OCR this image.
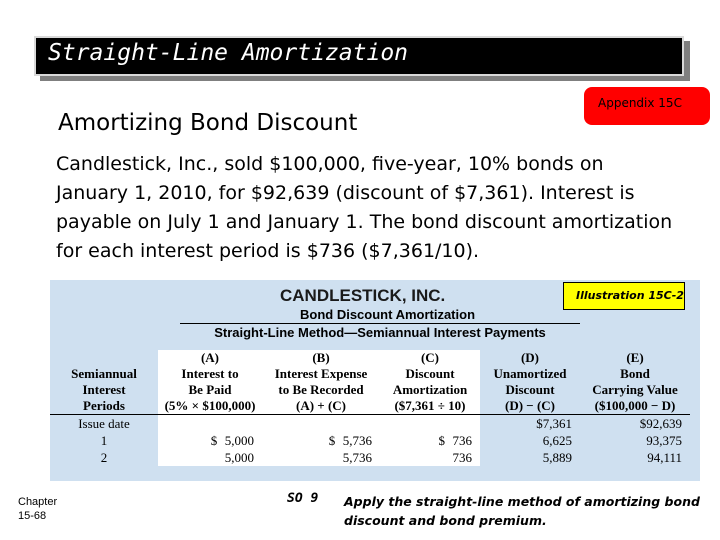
Straight-Line Amortization
Amortizing Bond Discount
Appendix 15C
Candlestick, Inc., sold $100,000, five-year, 10% bonds on January 1, 2010, for $92,639 (discount of $7,361). Interest is payable on July 1 and January 1. The bond discount amortization for each interest period is $736 ($7,361/10).
CANDLESTICK, INC.
Bond Discount Amortization
Straight-Line Method—Semiannual Interest Payments
Illustration 15C-2
	(A)	(B)	(C)	(D)	(E)
Semiannual	Interest to	Interest Expense	Discount	Unamortized	Bond
Interest	Be Paid	to Be Recorded	Amortization	Discount	Carrying Value
Periods	(5% × $100,000)	(A) + (C)	($7,361 ÷ 10)	(D) − (C)	($100,000 − D)
Issue date				$7,361	$92,639
1	$ 5,000	$ 5,736	$ 736	6,625	93,375
2	5,000	5,736	736	5,889	94,111
Chapter
15-68
SO 9 Apply the straight-line method of amortizing bond discount and bond premium.
